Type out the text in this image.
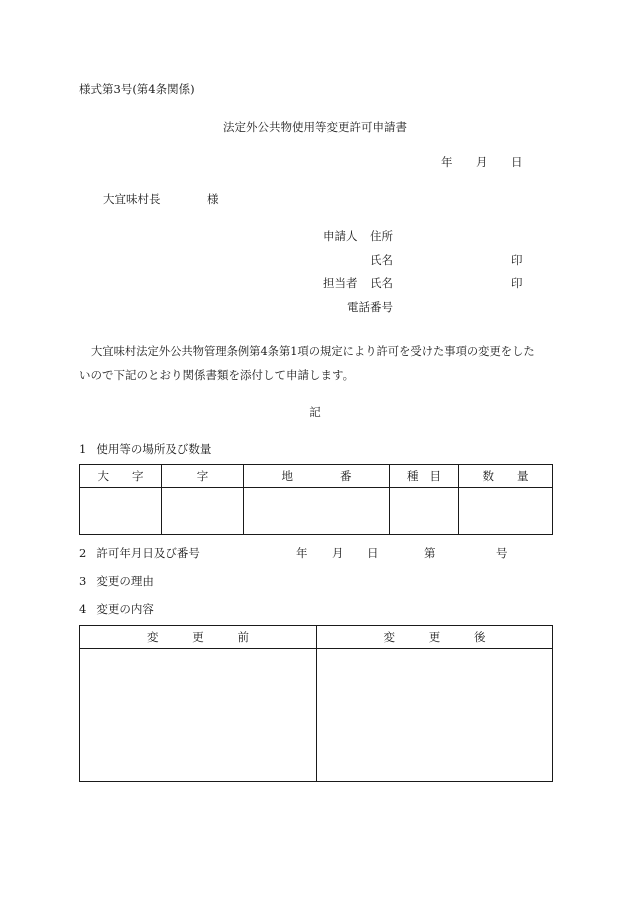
様式第3号(第4条関係)
法定外公共物使用等変更許可申請書
年 月 日
大宜味村長	様
申請人 住所
氏名	印
担当者 氏名	印
電話番号
大宜味村法定外公共物管理条例第4条第1項の規定により許可を受けた事項の変更をした
いので下記のとおり関係書類を添付して申請します。
記
1 使用等の場所及び数量
大 字	字	地 番	種 目	数 量

2 許可年月日及び番号	年 月 日	第	号
3 変更の理由
4 変更の内容
変 更 前	変 更 後
